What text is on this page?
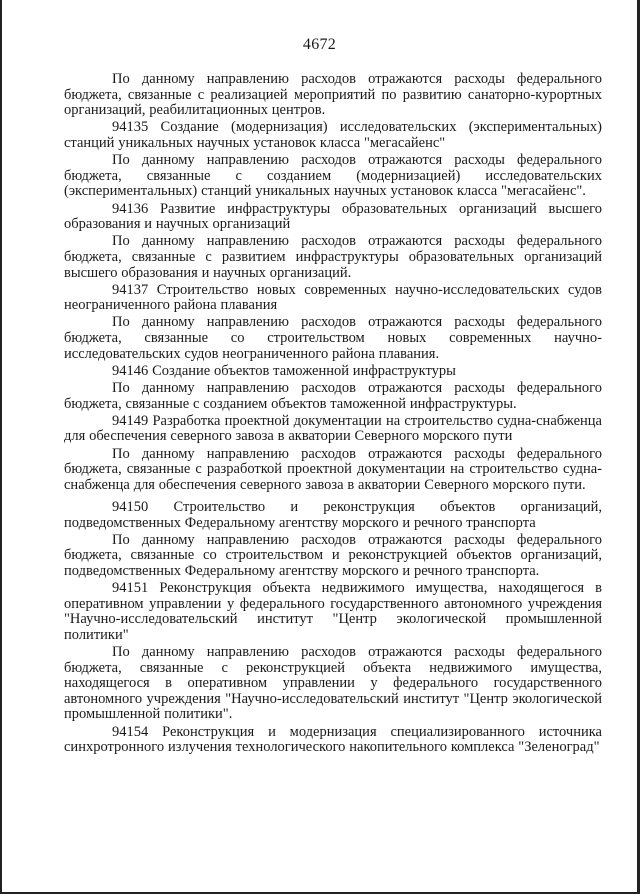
4672

По данному направлению расходов отражаются расходы федерального бюджета, связанные с реализацией мероприятий по развитию санаторно-курортных организаций, реабилитационных центров.

94135 Создание (модернизация) исследовательских (экспериментальных) станций уникальных научных установок класса "мегасайенс"

По данному направлению расходов отражаются расходы федерального бюджета, связанные с созданием (модернизацией) исследовательских (экспериментальных) станций уникальных научных установок класса "мегасайенс".

94136 Развитие инфраструктуры образовательных организаций высшего образования и научных организаций

По данному направлению расходов отражаются расходы федерального бюджета, связанные с развитием инфраструктуры образовательных организаций высшего образования и научных организаций.

94137 Строительство новых современных научно-исследовательских судов неограниченного района плавания

По данному направлению расходов отражаются расходы федерального бюджета, связанные со строительством новых современных научно-исследовательских судов неограниченного района плавания.

94146 Создание объектов таможенной инфраструктуры

По данному направлению расходов отражаются расходы федерального бюджета, связанные с созданием объектов таможенной инфраструктуры.

94149 Разработка проектной документации на строительство судна-снабженца для обеспечения северного завоза в акватории Северного морского пути

По данному направлению расходов отражаются расходы федерального бюджета, связанные с разработкой проектной документации на строительство судна-снабженца для обеспечения северного завоза в акватории Северного морского пути.

94150 Строительство и реконструкция объектов организаций, подведомственных Федеральному агентству морского и речного транспорта

По данному направлению расходов отражаются расходы федерального бюджета, связанные со строительством и реконструкцией объектов организаций, подведомственных Федеральному агентству морского и речного транспорта.

94151 Реконструкция объекта недвижимого имущества, находящегося в оперативном управлении у федерального государственного автономного учреждения "Научно-исследовательский институт "Центр экологической промышленной политики"

По данному направлению расходов отражаются расходы федерального бюджета, связанные с реконструкцией объекта недвижимого имущества, находящегося в оперативном управлении у федерального государственного автономного учреждения "Научно-исследовательский институт "Центр экологической промышленной политики".

94154 Реконструкция и модернизация специализированного источника синхротронного излучения технологического накопительного комплекса "Зеленоград"
